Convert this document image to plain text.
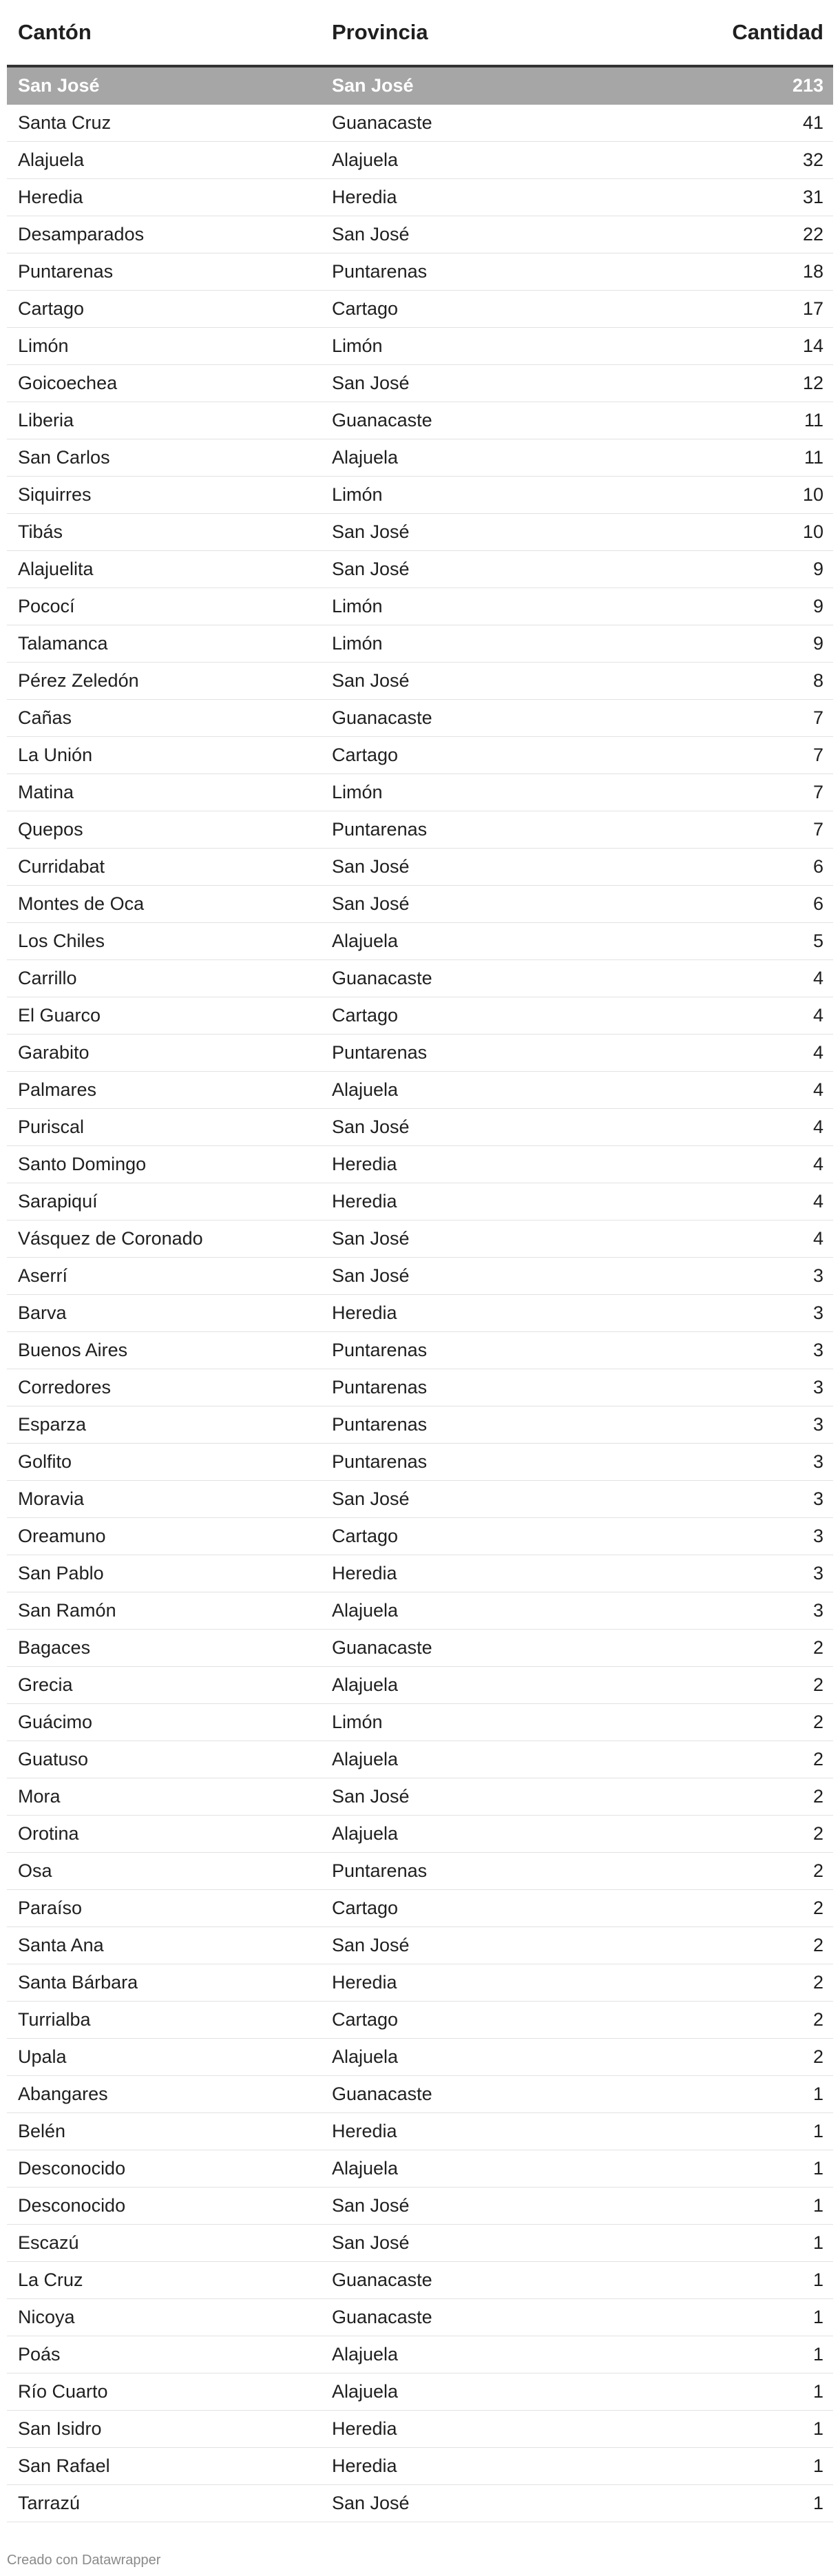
Cantón	Provincia	Cantidad
San José	San José	213
Santa Cruz	Guanacaste	41
Alajuela	Alajuela	32
Heredia	Heredia	31
Desamparados	San José	22
Puntarenas	Puntarenas	18
Cartago	Cartago	17
Limón	Limón	14
Goicoechea	San José	12
Liberia	Guanacaste	11
San Carlos	Alajuela	11
Siquirres	Limón	10
Tibás	San José	10
Alajuelita	San José	9
Pococí	Limón	9
Talamanca	Limón	9
Pérez Zeledón	San José	8
Cañas	Guanacaste	7
La Unión	Cartago	7
Matina	Limón	7
Quepos	Puntarenas	7
Curridabat	San José	6
Montes de Oca	San José	6
Los Chiles	Alajuela	5
Carrillo	Guanacaste	4
El Guarco	Cartago	4
Garabito	Puntarenas	4
Palmares	Alajuela	4
Puriscal	San José	4
Santo Domingo	Heredia	4
Sarapiquí	Heredia	4
Vásquez de Coronado	San José	4
Aserrí	San José	3
Barva	Heredia	3
Buenos Aires	Puntarenas	3
Corredores	Puntarenas	3
Esparza	Puntarenas	3
Golfito	Puntarenas	3
Moravia	San José	3
Oreamuno	Cartago	3
San Pablo	Heredia	3
San Ramón	Alajuela	3
Bagaces	Guanacaste	2
Grecia	Alajuela	2
Guácimo	Limón	2
Guatuso	Alajuela	2
Mora	San José	2
Orotina	Alajuela	2
Osa	Puntarenas	2
Paraíso	Cartago	2
Santa Ana	San José	2
Santa Bárbara	Heredia	2
Turrialba	Cartago	2
Upala	Alajuela	2
Abangares	Guanacaste	1
Belén	Heredia	1
Desconocido	Alajuela	1
Desconocido	San José	1
Escazú	San José	1
La Cruz	Guanacaste	1
Nicoya	Guanacaste	1
Poás	Alajuela	1
Río Cuarto	Alajuela	1
San Isidro	Heredia	1
San Rafael	Heredia	1
Tarrazú	San José	1
Creado con Datawrapper
